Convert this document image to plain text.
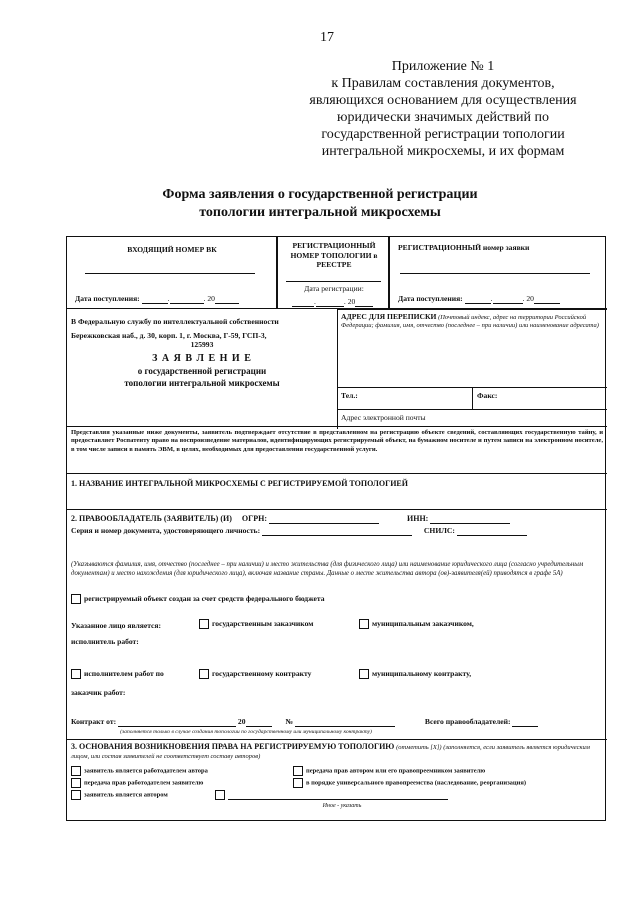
17
Приложение № 1
к Правилам составления документов,
являющихся основанием для осуществления
юридически значимых действий по
государственной регистрации топологии
интегральной микросхемы, и их формам
Форма заявления о государственной регистрации
топологии интегральной микросхемы
ВХОДЯЩИЙ НОМЕР ВК
Дата поступления:	.	. 20
РЕГИСТРАЦИОННЫЙ НОМЕР ТОПОЛОГИИ в РЕЕСТРЕ
Дата регистрации:
.	. 20
РЕГИСТРАЦИОННЫЙ номер заявки
Дата поступления:	.	. 20
В Федеральную службу по интеллектуальной собственности
Бережковская наб., д. 30, корп. 1, г. Москва, Г-59, ГСП-3,
125993
З А Я В Л Е Н И Е
о государственной регистрации
топологии интегральной микросхемы
АДРЕС ДЛЯ ПЕРЕПИСКИ (Почтовый индекс, адрес на территории Российской Федерации; фамилия, имя, отчество (последнее – при наличии) или наименование адресата)
Тел.:	Факс:
Адрес электронной почты
Представляя указанные ниже документы, заявитель подтверждает отсутствие в представленном на регистрацию объекте сведений, составляющих государственную тайну, и предоставляет Роспатенту право на воспроизведение материалов, идентифицирующих регистрируемый объект, на бумажном носителе и путем записи на электронном носителе, в том числе записи в память ЭВМ, в целях, необходимых для предоставления государственной услуги.
1. НАЗВАНИЕ ИНТЕГРАЛЬНОЙ МИКРОСХЕМЫ С РЕГИСТРИРУЕМОЙ ТОПОЛОГИЕЙ
2. ПРАВООБЛАДАТЕЛЬ (ЗАЯВИТЕЛЬ) (И) ОГРН:	ИНН:
Серия и номер документа, удостоверяющего личность:	СНИЛС:
(Указываются фамилия, имя, отчество (последнее – при наличии) и место жительства (для физического лица) или наименование юридического лица (согласно учредительным документам) и место нахождения (для юридического лица), включая название страны. Данные о месте жительства автора (ов)-заявителя(ей) приводятся в графе 5А)
регистрируемый объект создан за счет средств федерального бюджета
Указанное лицо является:	государственным заказчиком	муниципальным заказчиком,
исполнитель работ:
исполнителем работ по	государственному контракту	муниципальному контракту,
заказчик работ:
Контракт от:	20	№	Всего правообладателей:
(заполняется только в случае создания топологии по государственному или муниципальному контракту)
3. ОСНОВАНИЯ ВОЗНИКНОВЕНИЯ ПРАВА НА РЕГИСТРИРУЕМУЮ ТОПОЛОГИЮ (отметить [X]) (заполняется, если заявитель является юридическим лицом, или состав заявителей не соответствует составу авторов)
заявитель является работодателем автора	передача прав автором или его правопреемником заявителю
передача прав работодателем заявителю	в порядке универсального правопреемства (наследование, реорганизация)
заявитель является автором
Иное - указать
